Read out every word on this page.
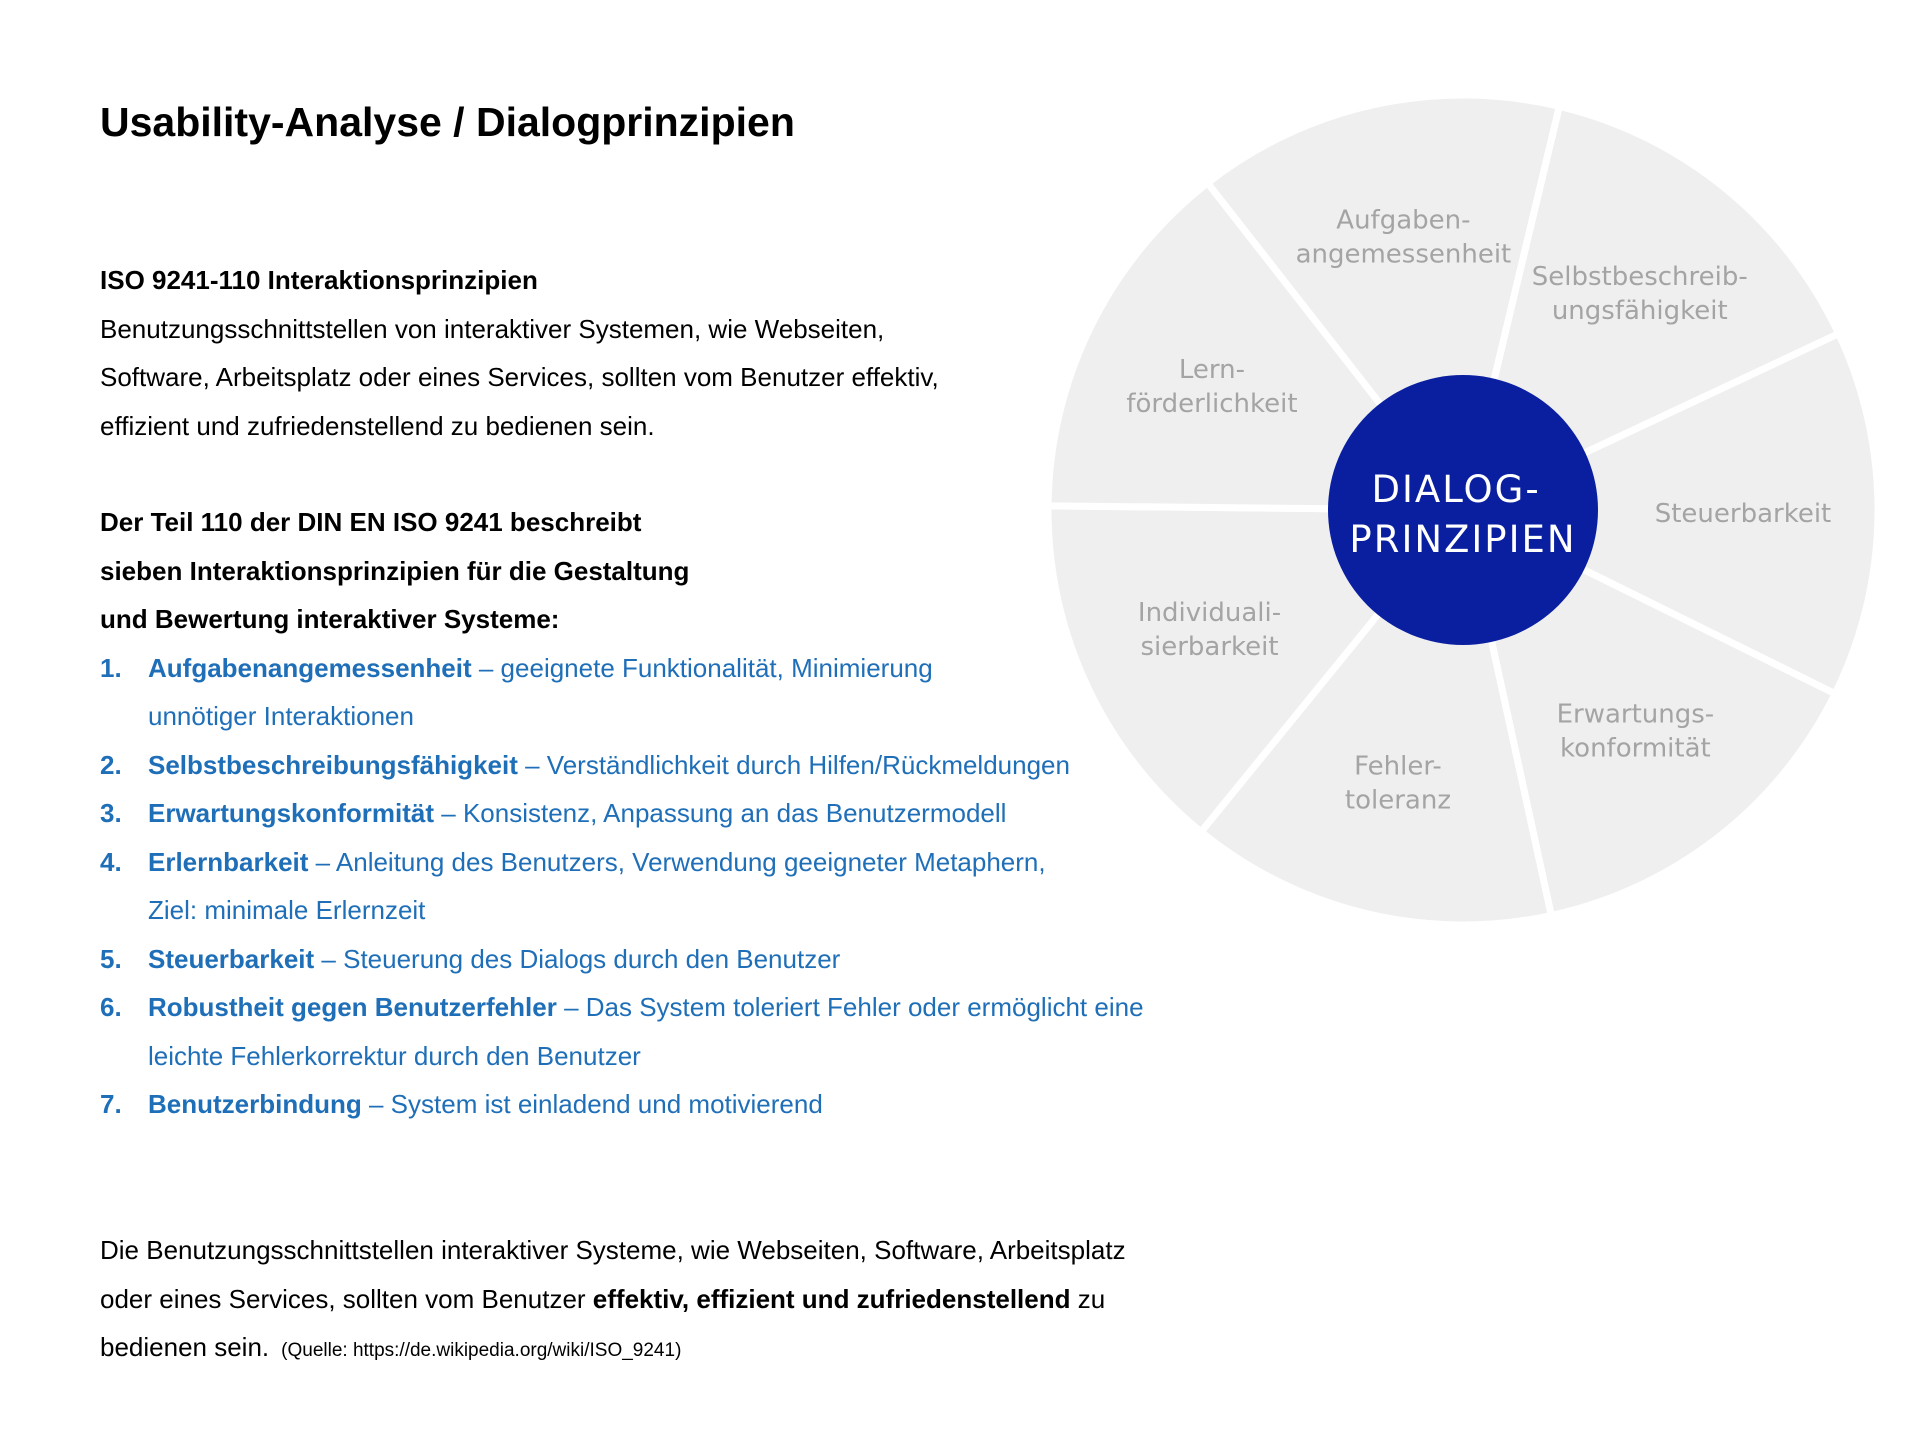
Usability-Analyse / Dialogprinzipien
ISO 9241-110 Interaktionsprinzipien
Benutzungsschnittstellen von interaktiver Systemen, wie Webseiten,
Software, Arbeitsplatz oder eines Services, sollten vom Benutzer effektiv,
effizient und zufriedenstellend zu bedienen sein.
Der Teil 110 der DIN EN ISO 9241 beschreibt
sieben Interaktionsprinzipien für die Gestaltung
und Bewertung interaktiver Systeme:
1. Aufgabenangemessenheit – geeignete Funktionalität, Minimierung
unnötiger Interaktionen
2. Selbstbeschreibungsfähigkeit – Verständlichkeit durch Hilfen/Rückmeldungen
3. Erwartungskonformität – Konsistenz, Anpassung an das Benutzermodell
4. Erlernbarkeit – Anleitung des Benutzers, Verwendung geeigneter Metaphern,
Ziel: minimale Erlernzeit
5. Steuerbarkeit – Steuerung des Dialogs durch den Benutzer
6. Robustheit gegen Benutzerfehler – Das System toleriert Fehler oder ermöglicht eine
leichte Fehlerkorrektur durch den Benutzer
7. Benutzerbindung – System ist einladend und motivierend
Die Benutzungsschnittstellen interaktiver Systeme, wie Webseiten, Software, Arbeitsplatz
oder eines Services, sollten vom Benutzer effektiv, effizient und zufriedenstellend zu
bedienen sein. (Quelle: https://de.wikipedia.org/wiki/ISO_9241)
Aufgaben-angemessenheit
Selbstbeschreib-ungsfähigkeit
Steuerbarkeit
Erwartungs-konformität
Fehler-toleranz
Individuali-sierbarkeit
Lern-förderlichkeit
DIALOG- PRINZIPIEN
